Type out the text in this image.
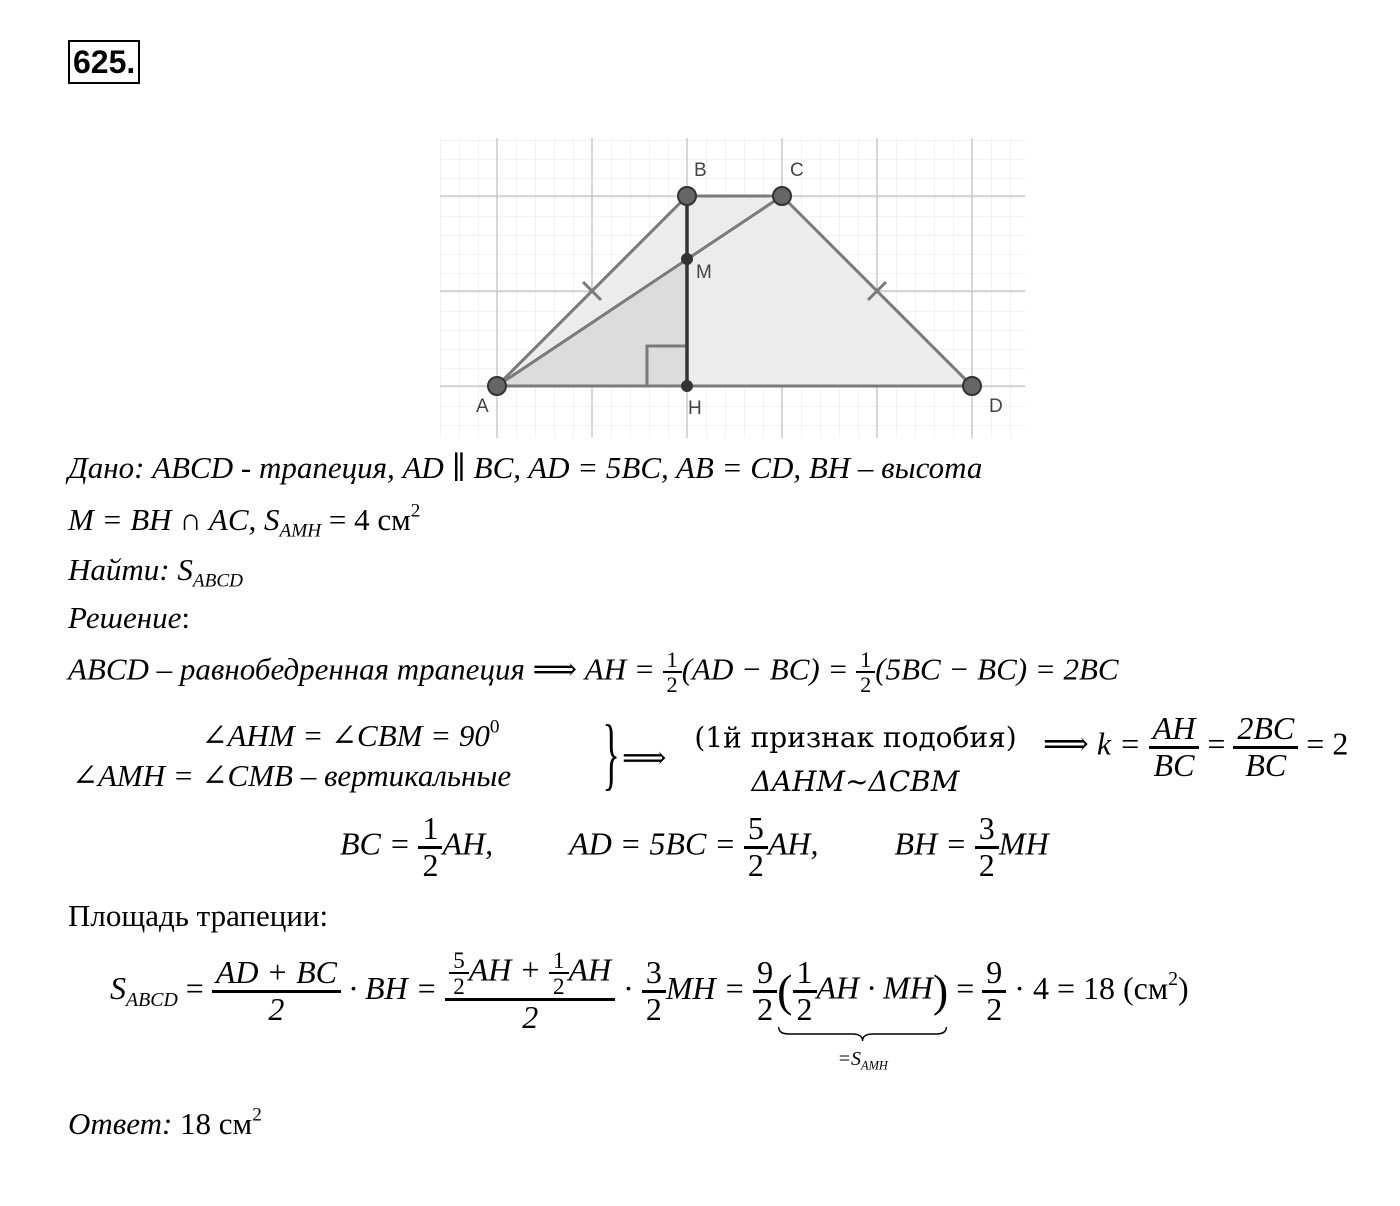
625.
A
B	C
D
M
H
Дано: ABCD - трапеция, AD ∥ BC, AD = 5BC, AB = CD, BH – высота
M = BH ∩ AC, $S_{AMH} = 4$ $см^2$
Найти: $S_{ABCD}$
Решение:
ABCD – равнобедренная трапеция ⟹ AH = $\frac{1}{2} (AD - BC) = \frac{1}{2} (5BC - BC) = 2BC$
∠AHM = ∠CBM = $90^0$
∠AMH = ∠CMB – вертикальные	} ⟹
(1й признак подобия)
ΔAHM~ΔCBM
⟹ $k = \frac{AH}{BC} = \frac{2BC}{BC} = 2$
BC = $\frac{1}{2}$ AH, AD = $5BC = \frac{5}{2}$ AH, BH = $\frac{3}{2}$ MH
Площадь трапеции:
$S_{ABCD} = \frac{AD + BC}{2}$ · BH = $\frac{\frac{5}{2} AH + \frac{1}{2} AH}{2} \cdot \frac{3}{2}$ MH = $\frac{9}{2}$ ( $\frac{1}{2}$ AH · MH)
$=S_{AMH}$
= $\frac{9}{2} \cdot 4 = 18$ $(см^2)$
Ответ: 18 $см^2$
